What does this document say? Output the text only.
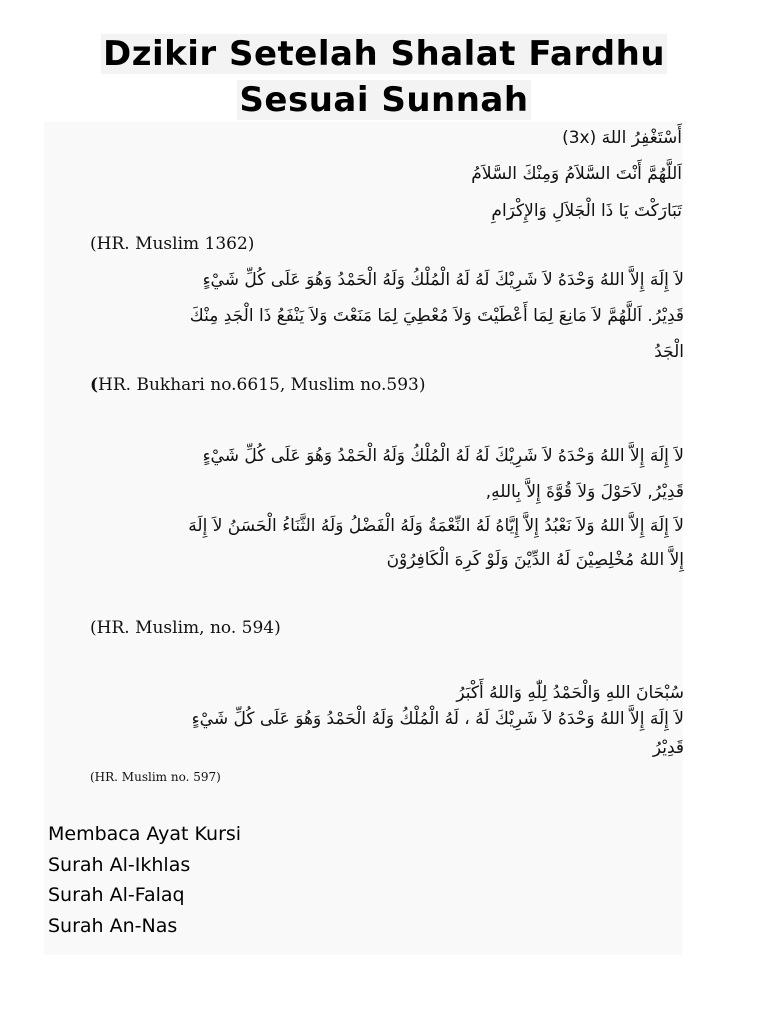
Dzikir Setelah Shalat Fardhu
Sesuai Sunnah
أَسْتَغْفِرُ اللهَ (3x)
اَللَّهُمَّ أَنْتَ السَّلاَمُ وَمِنْكَ السَّلاَمُ
تَبَارَكْتَ يَا ذَا الْجَلاَلِ وَالإِكْرَامِ
(HR. Muslim 1362)
لاَ إِلَهَ إِلاَّ اللهُ وَحْدَهُ لاَ شَرِيْكَ لَهُ لَهُ الْمُلْكُ وَلَهُ الْحَمْدُ وَهُوَ عَلَى كُلِّ شَيْءٍ
قَدِيْرُ. اَللَّهُمَّ لاَ مَانِعَ لِمَا أَعْطَيْتَ وَلاَ مُعْطِيَ لِمَا مَنَعْتَ وَلاَ يَنْفَعُ ذَا الْجَدِ مِنْكَ
الْجَدُ
(HR. Bukhari no.6615, Muslim no.593)
لاَ إِلَهَ إِلاَّ اللهُ وَحْدَهُ لاَ شَرِيْكَ لَهُ لَهُ الْمُلْكُ وَلَهُ الْحَمْدُ وَهُوَ عَلَى كُلِّ شَيْءٍ
قَدِيْرُ, لاَحَوْلَ وَلاَ قُوَّةَ إِلاَّ بِاللهِ,
لاَ إِلَهَ إِلاَّ اللهُ وَلاَ نَعْبُدُ إِلاَّ إِيَّاهُ لَهُ النِّعْمَةُ وَلَهُ الْفَضْلُ وَلَهُ الثَّنَاءُ الْحَسَنُ لاَ إِلَهَ
إِلاَّ اللهُ مُخْلِصِيْنَ لَهُ الدِّيْنَ وَلَوْ كَرِهَ الْكَافِرُوْنَ
(HR. Muslim, no. 594)
سُبْحَانَ اللهِ وَالْحَمْدُ لِلّٰهِ وَاللهُ أَكْبَرُ
لاَ إِلَهَ إِلاَّ اللهُ وَحْدَهُ لاَ شَرِيْكَ لَهُ ، لَهُ الْمُلْكُ وَلَهُ الْحَمْدُ وَهُوَ عَلَى كُلِّ شَيْءٍ
قَدِيْرُ
(HR. Muslim no. 597)
Membaca Ayat Kursi
Surah Al-Ikhlas
Surah Al-Falaq
Surah An-Nas
